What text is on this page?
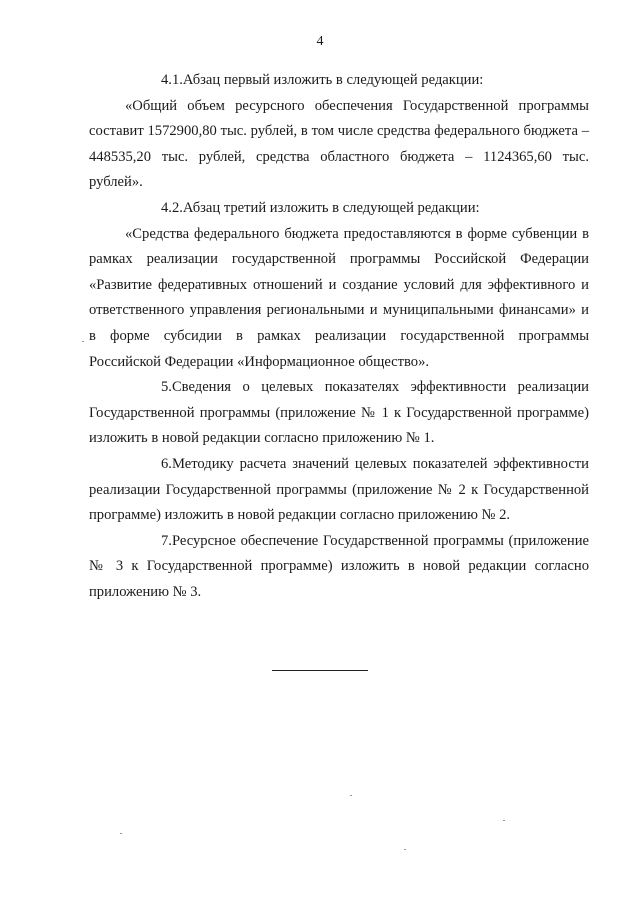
4

4.1.Абзац первый изложить в следующей редакции:

«Общий объем ресурсного обеспечения Государственной программы составит 1572900,80 тыс. рублей, в том числе средства федерального бюджета – 448535,20 тыс. рублей, средства областного бюджета – 1124365,60 тыс. рублей».

4.2.Абзац третий изложить в следующей редакции:

«Средства федерального бюджета предоставляются в форме субвенции в рамках реализации государственной программы Российской Федерации «Развитие федеративных отношений и создание условий для эффективного и ответственного управления региональными и муниципальными финансами» и в форме субсидии в рамках реализации государственной программы Российской Федерации «Информационное общество».

5.Сведения о целевых показателях эффективности реализации Государственной программы (приложение № 1 к Государственной программе) изложить в новой редакции согласно приложению № 1.

6.Методику расчета значений целевых показателей эффективности реализации Государственной программы (приложение № 2 к Государственной программе) изложить в новой редакции согласно приложению № 2.

7.Ресурсное обеспечение Государственной программы (приложение № 3 к Государственной программе) изложить в новой редакции согласно приложению № 3.
